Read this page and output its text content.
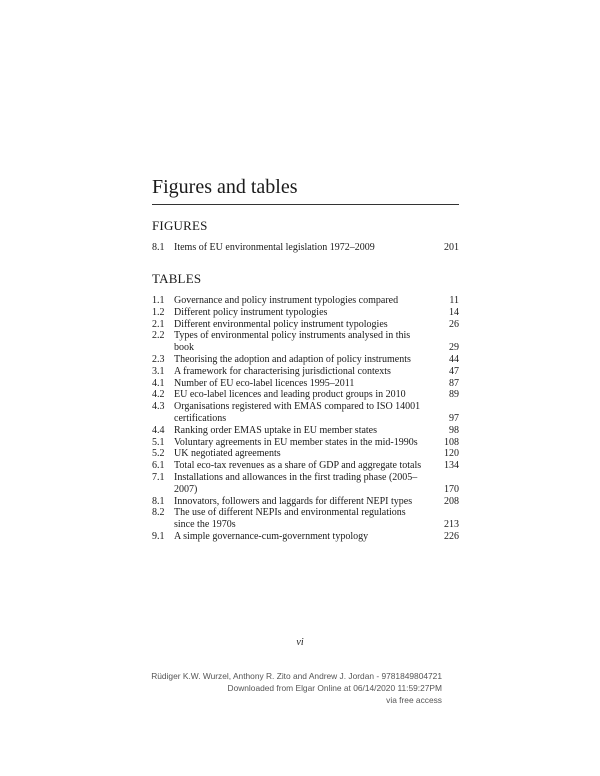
Figures and tables
FIGURES
8.1 Items of EU environmental legislation 1972–2009	201
TABLES
1.1 Governance and policy instrument typologies compared	11
1.2 Different policy instrument typologies	14
2.1 Different environmental policy instrument typologies	26
2.2 Types of environmental policy instruments analysed in this book	29
2.3 Theorising the adoption and adaption of policy instruments	44
3.1 A framework for characterising jurisdictional contexts	47
4.1 Number of EU eco-label licences 1995–2011	87
4.2 EU eco-label licences and leading product groups in 2010	89
4.3 Organisations registered with EMAS compared to ISO 14001 certifications	97
4.4 Ranking order EMAS uptake in EU member states	98
5.1 Voluntary agreements in EU member states in the mid-1990s	108
5.2 UK negotiated agreements	120
6.1 Total eco-tax revenues as a share of GDP and aggregate totals	134
7.1 Installations and allowances in the first trading phase (2005–2007)	170
8.1 Innovators, followers and laggards for different NEPI types	208
8.2 The use of different NEPIs and environmental regulations since the 1970s	213
9.1 A simple governance-cum-government typology	226
vi
Rüdiger K.W. Wurzel, Anthony R. Zito and Andrew J. Jordan - 9781849804721
Downloaded from Elgar Online at 06/14/2020 11:59:27PM
via free access
